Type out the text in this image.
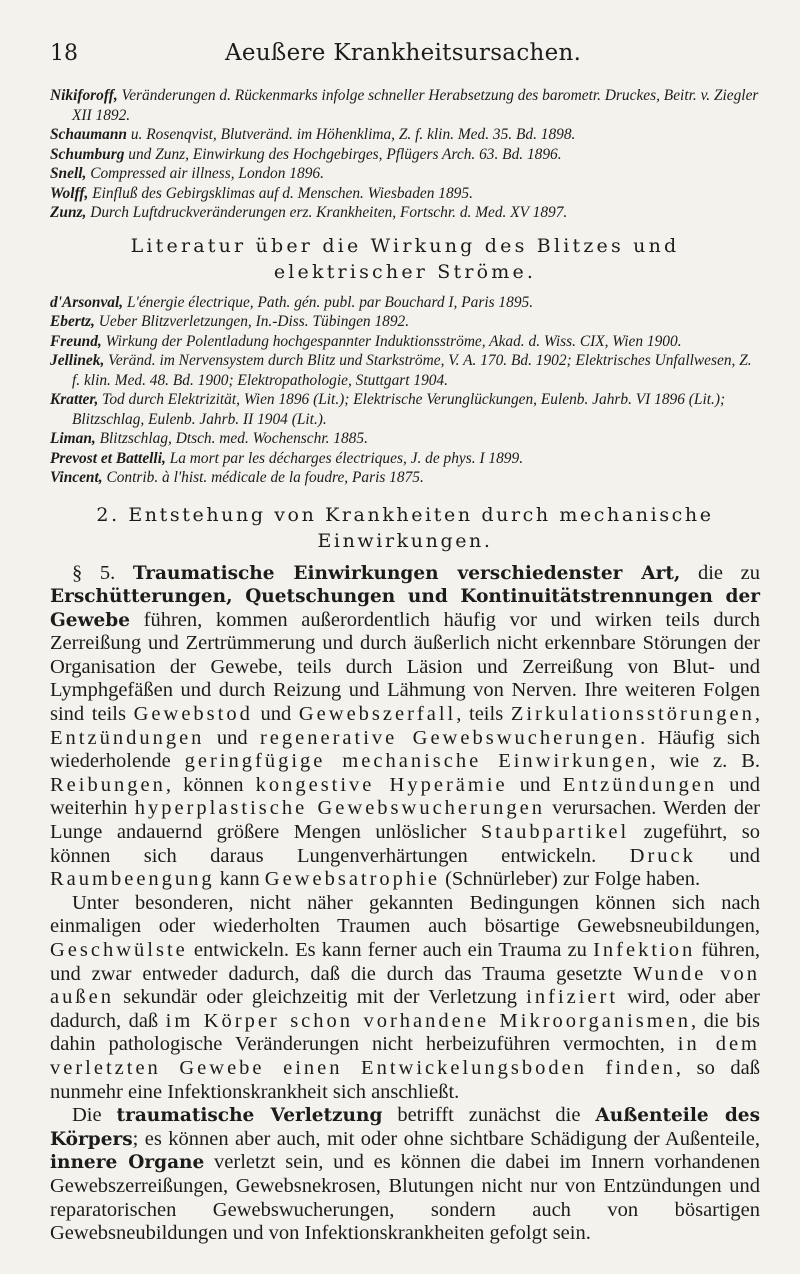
18	Aeußere Krankheitsursachen.
Nikiforoff, Veränderungen d. Rückenmarks infolge schneller Herabsetzung des barometr. Druckes, Beitr. v. Ziegler XII 1892.
Schaumann u. Rosenqvist, Blutveränd. im Höhenklima, Z. f. klin. Med. 35. Bd. 1898.
Schumburg und Zunz, Einwirkung des Hochgebirges, Pflügers Arch. 63. Bd. 1896.
Snell, Compressed air illness, London 1896.
Wolff, Einfluß des Gebirgsklimas auf d. Menschen. Wiesbaden 1895.
Zunz, Durch Luftdruckveränderungen erz. Krankheiten, Fortschr. d. Med. XV 1897.
Literatur über die Wirkung des Blitzes und
elektrischer Ströme.
d'Arsonval, L'énergie électrique, Path. gén. publ. par Bouchard I, Paris 1895.
Ebertz, Ueber Blitzverletzungen, In.-Diss. Tübingen 1892.
Freund, Wirkung der Polentladung hochgespannter Induktionsströme, Akad. d. Wiss. CIX, Wien 1900.
Jellinek, Veränd. im Nervensystem durch Blitz und Starkströme, V. A. 170. Bd. 1902; Elektrisches Unfallwesen, Z. f. klin. Med. 48. Bd. 1900; Elektropathologie, Stuttgart 1904.
Kratter, Tod durch Elektrizität, Wien 1896 (Lit.); Elektrische Verunglückungen, Eulenb. Jahrb. VI 1896 (Lit.); Blitzschlag, Eulenb. Jahrb. II 1904 (Lit.).
Liman, Blitzschlag, Dtsch. med. Wochenschr. 1885.
Prevost et Battelli, La mort par les décharges électriques, J. de phys. I 1899.
Vincent, Contrib. à l'hist. médicale de la foudre, Paris 1875.
2. Entstehung von Krankheiten durch mechanische
Einwirkungen.

§ 5. Traumatische Einwirkungen verschiedenster Art, die zu Erschütterungen, Quetschungen und Kontinuitätstrennungen der Gewebe führen, kommen außerordentlich häufig vor und wirken teils durch Zerreißung und Zertrümmerung und durch äußerlich nicht erkennbare Störungen der Organisation der Gewebe, teils durch Läsion und Zerreißung von Blut- und Lymphgefäßen und durch Reizung und Lähmung von Nerven. Ihre weiteren Folgen sind teils Gewebstod und Gewebszerfall, teils Zirkulationsstörungen, Entzündungen und regenerative Gewebswucherungen. Häufig sich wiederholende geringfügige mechanische Einwirkungen, wie z. B. Reibungen, können kongestive Hyperämie und Entzündungen und weiterhin hyperplastische Gewebswucherungen verursachen. Werden der Lunge andauernd größere Mengen unlöslicher Staubpartikel zugeführt, so können sich daraus Lungenverhärtungen entwickeln. Druck und Raumbeengung kann Gewebsatrophie (Schnürleber) zur Folge haben.

Unter besonderen, nicht näher gekannten Bedingungen können sich nach einmaligen oder wiederholten Traumen auch bösartige Gewebsneubildungen, Geschwülste entwickeln. Es kann ferner auch ein Trauma zu Infektion führen, und zwar entweder dadurch, daß die durch das Trauma gesetzte Wunde von außen sekundär oder gleichzeitig mit der Verletzung infiziert wird, oder aber dadurch, daß im Körper schon vorhandene Mikroorganismen, die bis dahin pathologische Veränderungen nicht herbeizuführen vermochten, in dem verletzten Gewebe einen Entwickelungsboden finden, so daß nunmehr eine Infektionskrankheit sich anschließt.

Die traumatische Verletzung betrifft zunächst die Außenteile des Körpers; es können aber auch, mit oder ohne sichtbare Schädigung der Außenteile, innere Organe verletzt sein, und es können die dabei im Innern vorhandenen Gewebszerreißungen, Gewebsnekrosen, Blutungen nicht nur von Entzündungen und reparatorischen Gewebswucherungen, sondern auch von bösartigen Gewebsneubildungen und von Infektionskrankheiten gefolgt sein.
